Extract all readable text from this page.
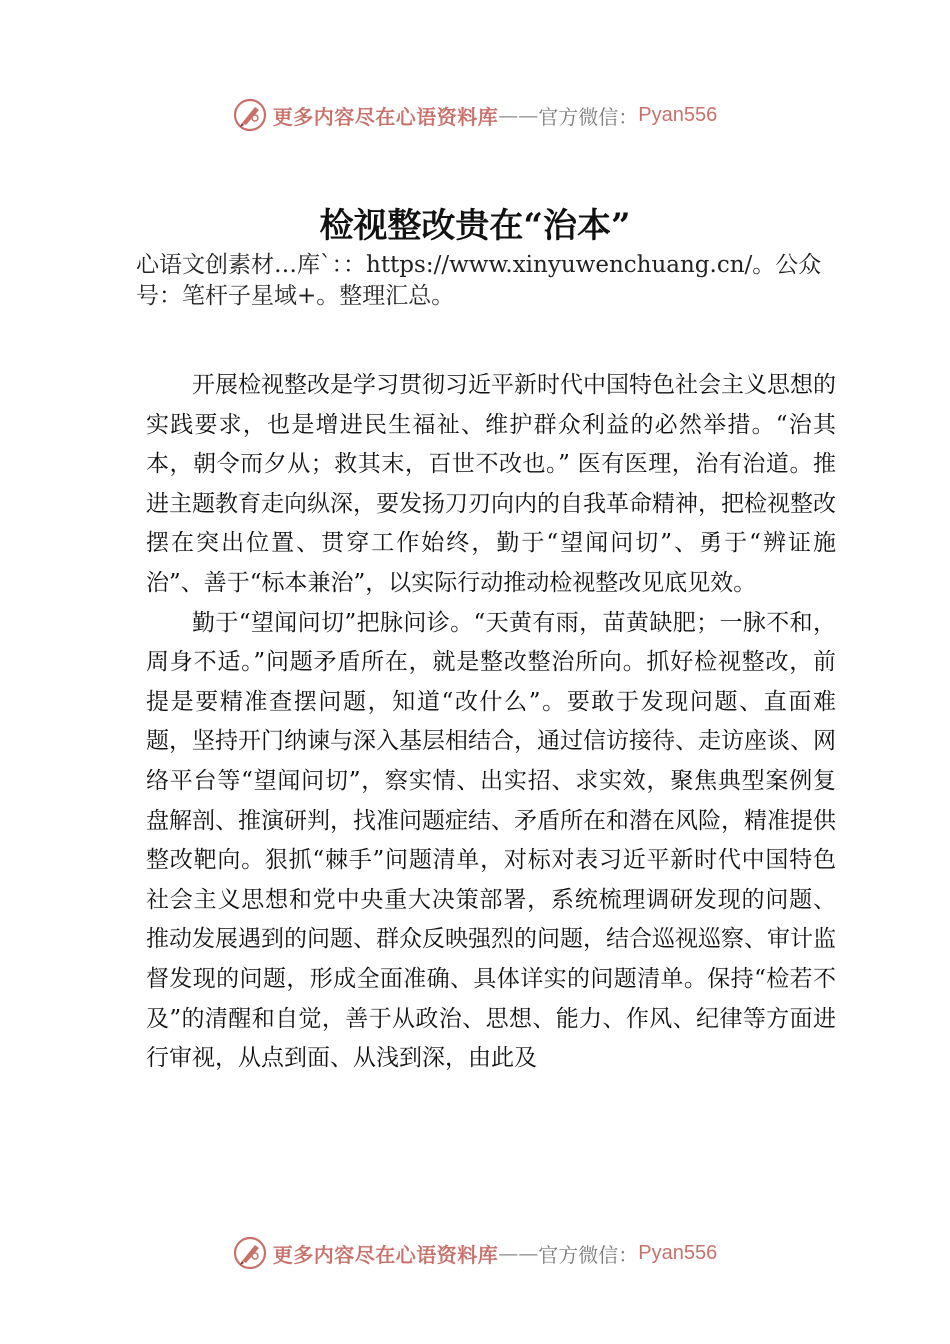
更多内容尽在心语资料库 —— 官方微信： Pyan556
检视整改贵在“治本”
心语文创素材…库`：：https://www.xinyuwenchuang.cn/。公众号：笔杆子星域+。整理汇总。

开展检视整改是学习贯彻习近平新时代中国特色社会主义思想的实践要求，也是增进民生福祉、维护群众利益的必然举措。“治其本，朝令而夕从；救其末，百世不改也。” 医有医理，治有治道。推进主题教育走向纵深，要发扬刀刃向内的自我革命精神，把检视整改摆在突出位置、贯穿工作始终，勤于“望闻问切”、勇于“辨证施治”、善于“标本兼治”，以实际行动推动检视整改见底见效。

勤于“望闻问切”把脉问诊。“天黄有雨，苗黄缺肥；一脉不和，周身不适。”问题矛盾所在，就是整改整治所向。抓好检视整改，前提是要精准查摆问题，知道“改什么”。要敢于发现问题、直面难题，坚持开门纳谏与深入基层相结合，通过信访接待、走访座谈、网络平台等“望闻问切”，察实情、出实招、求实效，聚焦典型案例复盘解剖、推演研判，找准问题症结、矛盾所在和潜在风险，精准提供整改靶向。狠抓“棘手”问题清单，对标对表习近平新时代中国特色社会主义思想和党中央重大决策部署，系统梳理调研发现的问题、 推动发展遇到的问题、群众反映强烈的问题，结合巡视巡察、审计监督发现的问题，形成全面准确、具体详实的问题清单。保持“检若不及”的清醒和自觉，善于从政治、思想、能力、作风、纪律等方面进行审视，从点到面、从浅到深，由此及

更多内容尽在心语资料库 —— 官方微信： Pyan556
